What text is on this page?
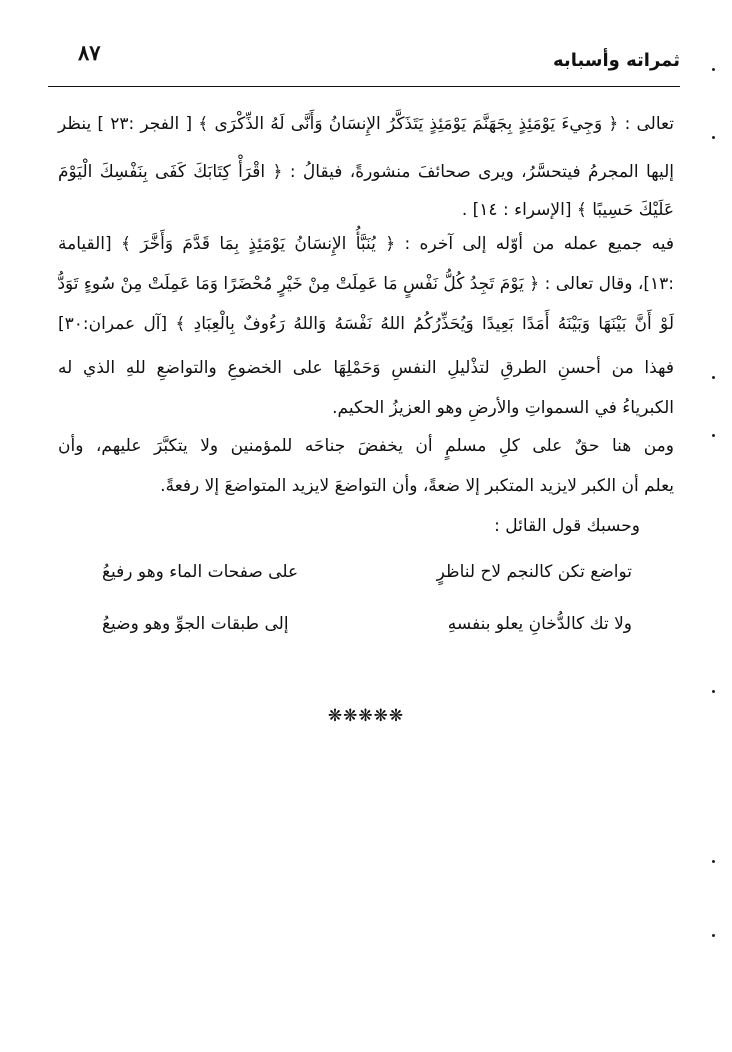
٨٧	ثمراته وأسبابه
تعالى : ﴿ وَجِيءَ يَوْمَئِذٍ بِجَهَنَّمَ يَوْمَئِذٍ يَتَذَكَّرُ الإِنسَانُ وَأَنَّى لَهُ الذِّكْرَى ﴾ [ الفجر :٢٣ ] ينظر
إليها المجرمُ فيتحسَّرُ، ويرى صحائفَ منشورةً، فيقالُ : ﴿ اقْرَأْ كِتَابَكَ كَفَى بِنَفْسِكَ الْيَوْمَ
عَلَيْكَ حَسِيبًا ﴾ [الإسراء : ١٤] .
فيه جميع عمله من أوّله إلى آخره : ﴿ يُنَبَّأُ الإِنسَانُ يَوْمَئِذٍ بِمَا قَدَّمَ وَأَخَّرَ ﴾ [القيامة
:١٣]، وقال تعالى : ﴿ يَوْمَ تَجِدُ كُلُّ نَفْسٍ مَا عَمِلَتْ مِنْ خَيْرٍ مُحْضَرًا وَمَا عَمِلَتْ مِنْ سُوءٍ تَوَدُّ
لَوْ أَنَّ بَيْنَهَا وَبَيْنَهُ أَمَدًا بَعِيدًا وَيُحَذِّرُكُمُ اللهُ نَفْسَهُ وَاللهُ رَءُوفٌ بِالْعِبَادِ ﴾ [آل عمران:٣٠]
فهذا من أحسنِ الطرقِ لتذْليلِ النفسِ وَحَمْلِهَا على الخضوعِ والتواضعِ للهِ الذي له
الكبرياءُ في السمواتِ والأرضِ وهو العزيزُ الحكيم.
ومن هنا حقٌ على كلِ مسلمٍ أن يخفضَ جناحَه للمؤمنين ولا يتكبَّرَ عليهم، وأن
يعلم أن الكبر لايزيد المتكبر إلا ضعةً، وأن التواضعَ لايزيد المتواضعَ إلا رفعةً.
وحسبك قول القائل :
تواضع تكن كالنجم لاح لناظرٍ
على صفحات الماء وهو رفيعُ
ولا تك كالدُّخانِ يعلو بنفسهِ
إلى طبقات الجوِّ وهو وضيعُ
❋❋❋❋❋
